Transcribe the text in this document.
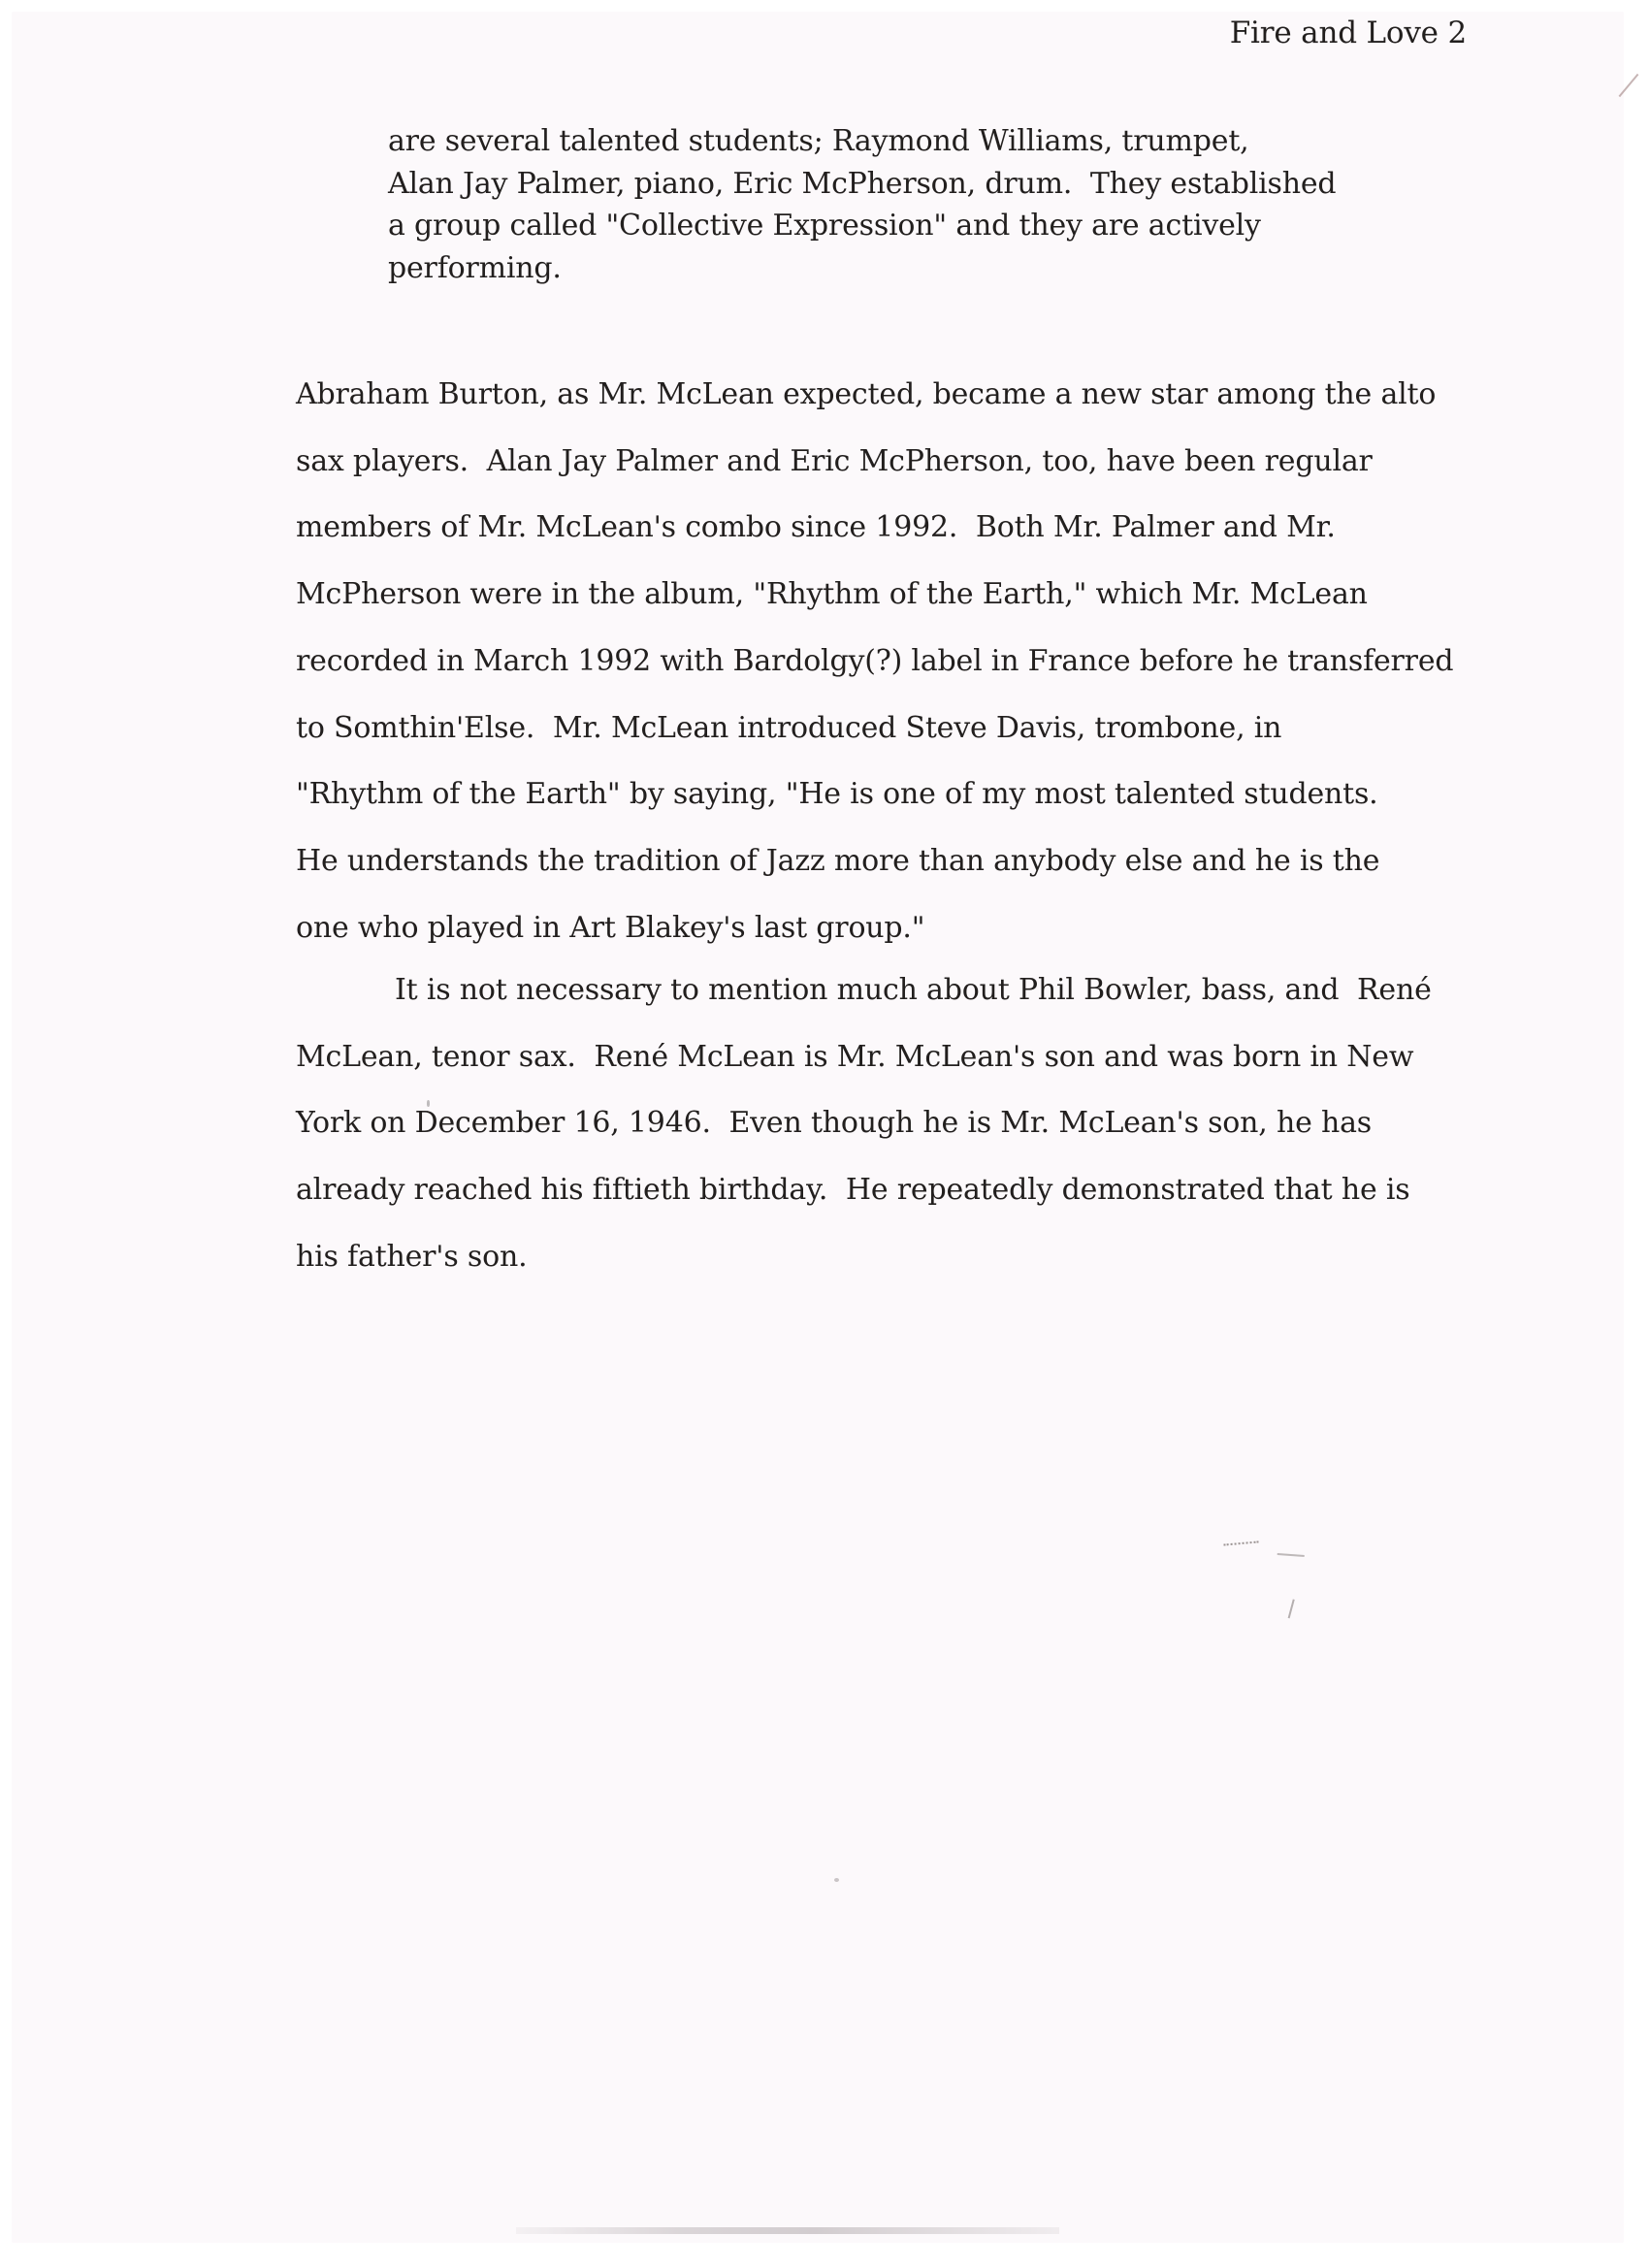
Fire and Love 2
are several talented students; Raymond Williams, trumpet,
Alan Jay Palmer, piano, Eric McPherson, drum.  They established
a group called "Collective Expression" and they are actively
performing.
Abraham Burton, as Mr. McLean expected, became a new star among the alto
sax players.  Alan Jay Palmer and Eric McPherson, too, have been regular
members of Mr. McLean's combo since 1992.  Both Mr. Palmer and Mr.
McPherson were in the album, "Rhythm of the Earth," which Mr. McLean
recorded in March 1992 with Bardolgy(?) label in France before he transferred
to Somthin'Else.  Mr. McLean introduced Steve Davis, trombone, in
"Rhythm of the Earth" by saying, "He is one of my most talented students.
He understands the tradition of Jazz more than anybody else and he is the
one who played in Art Blakey's last group."
It is not necessary to mention much about Phil Bowler, bass, and  René
McLean, tenor sax.  René McLean is Mr. McLean's son and was born in New
York on December 16, 1946.  Even though he is Mr. McLean's son, he has
already reached his fiftieth birthday.  He repeatedly demonstrated that he is
his father's son.
